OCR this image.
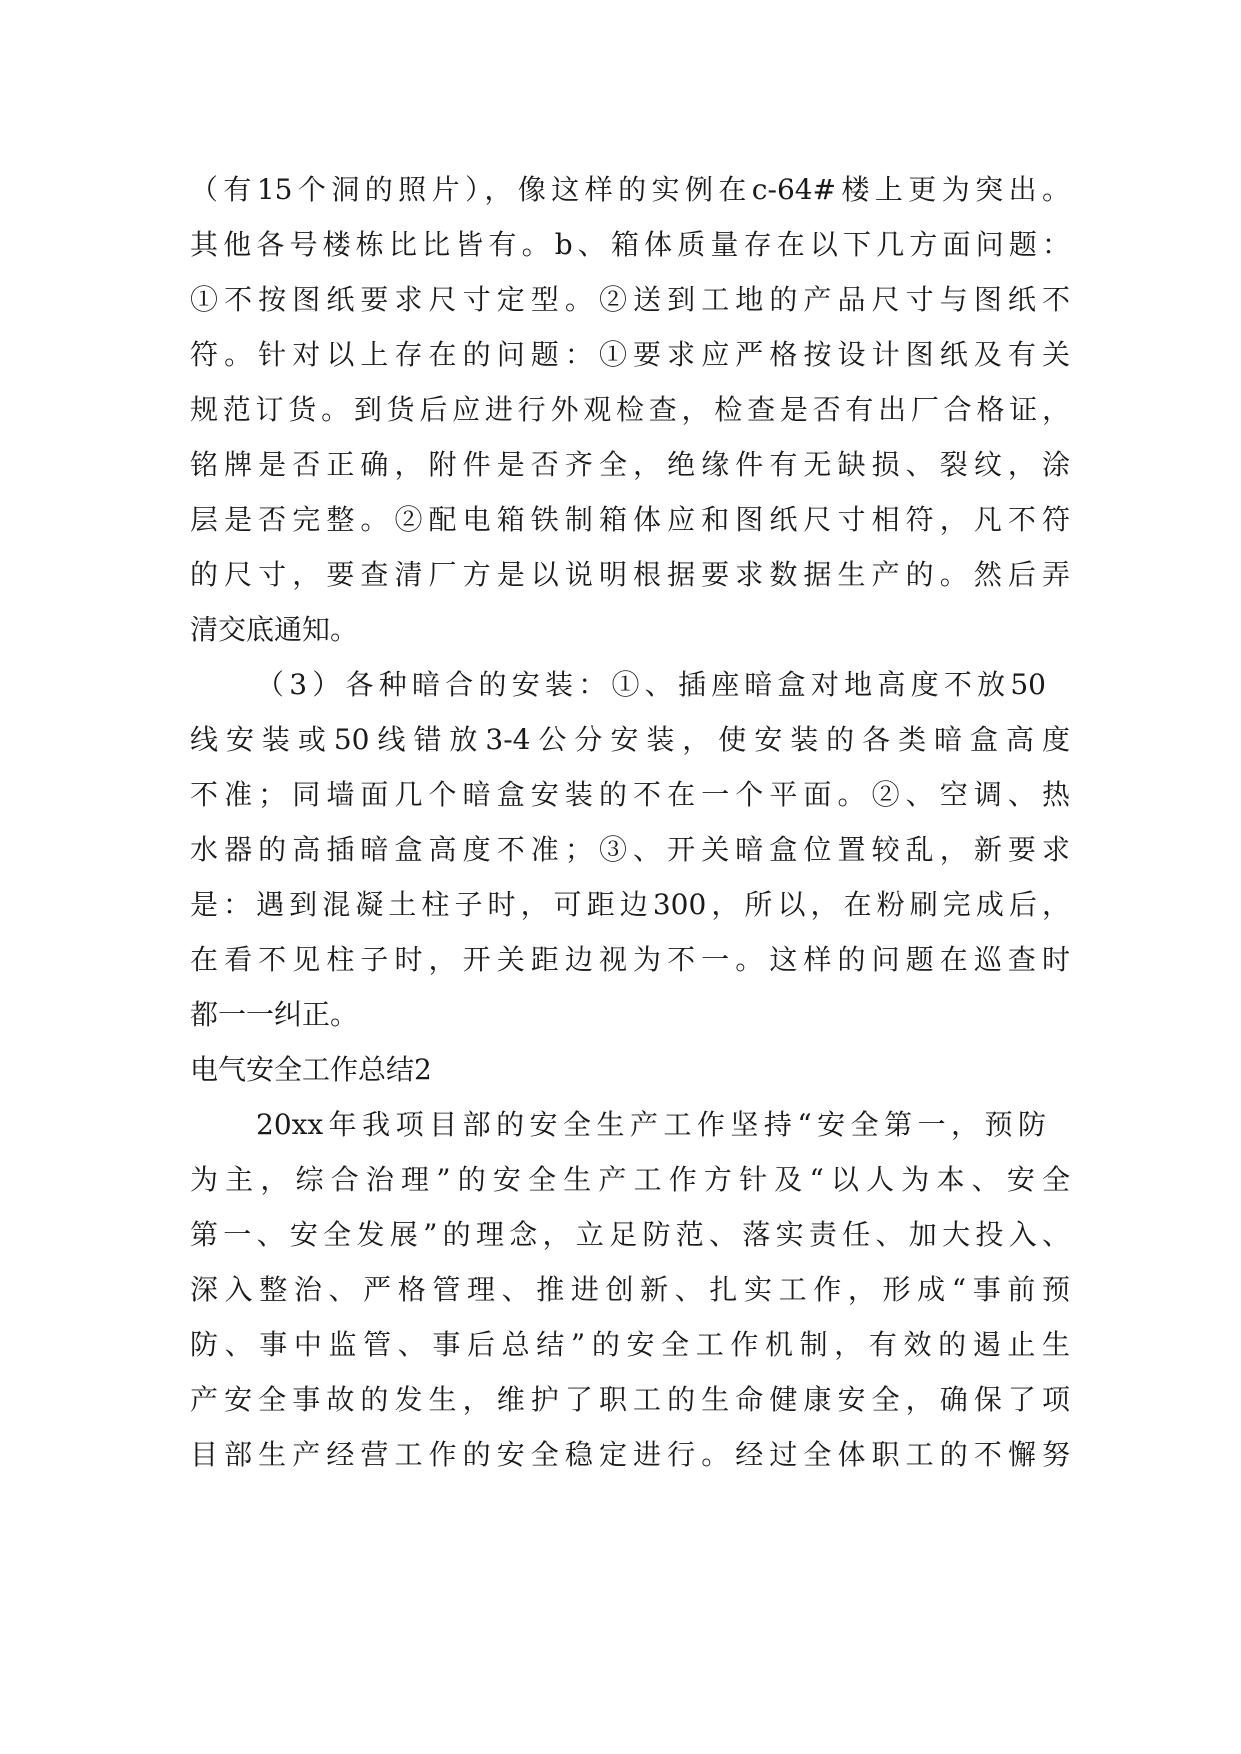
（有15个洞的照片），像这样的实例在c-64#楼上更为突出。
其他各号楼栋比比皆有。b、箱体质量存在以下几方面问题：
①不按图纸要求尺寸定型。②送到工地的产品尺寸与图纸不
符。针对以上存在的问题：①要求应严格按设计图纸及有关
规范订货。到货后应进行外观检查，检查是否有出厂合格证，
铭牌是否正确，附件是否齐全，绝缘件有无缺损、裂纹，涂
层是否完整。②配电箱铁制箱体应和图纸尺寸相符，凡不符
的尺寸，要查清厂方是以说明根据要求数据生产的。然后弄
清交底通知。
（3）各种暗合的安装：①、插座暗盒对地高度不放50
线安装或50线错放3-4公分安装，使安装的各类暗盒高度
不准；同墙面几个暗盒安装的不在一个平面。②、空调、热
水器的高插暗盒高度不准；③、开关暗盒位置较乱，新要求
是：遇到混凝土柱子时，可距边300，所以，在粉刷完成后，
在看不见柱子时，开关距边视为不一。这样的问题在巡查时
都一一纠正。
电气安全工作总结2
20xx年我项目部的安全生产工作坚持“安全第一，预防
为主，综合治理”的安全生产工作方针及“以人为本、安全
第一、安全发展”的理念，立足防范、落实责任、加大投入、
深入整治、严格管理、推进创新、扎实工作，形成“事前预
防、事中监管、事后总结”的安全工作机制，有效的遏止生
产安全事故的发生，维护了职工的生命健康安全，确保了项
目部生产经营工作的安全稳定进行。经过全体职工的不懈努
